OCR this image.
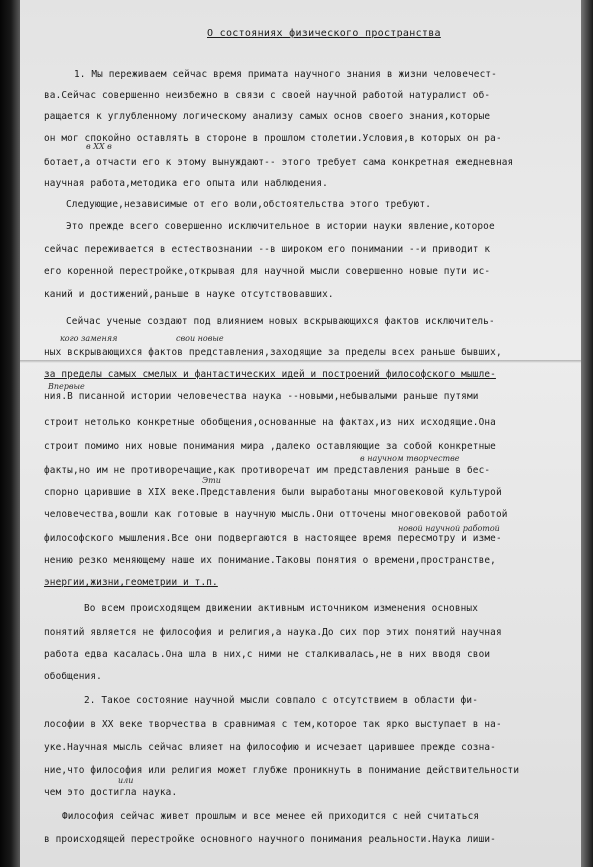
О состояниях физического пространства
1. Мы переживаем сейчас время примата научного знания в жизни человечест-
ва.Сейчас совершенно неизбежно в связи с своей научной работой натуралист об-
ращается к углубленному логическому анализу самых основ своего знания,которые
он мог спокойно оставлять в стороне в прошлом столетии.Условия,в которых он ра-
ботает,а отчасти его к этому вынуждают-- этого требует сама конкретная ежедневная
научная работа,методика его опыта или наблюдения.
Следующие,независимые от его воли,обстоятельства этого требуют.
Это прежде всего совершенно исключительное в истории науки явление,которое
сейчас переживается в естествознании --в широком его понимании --и приводит к
его коренной перестройке,открывая для научной мысли совершенно новые пути ис-
каний и достижений,раньше в науке отсутствовавших.
Сейчас ученые создают под влиянием новых вскрывающихся фактов исключитель-
ных вскрывающихся фактов представления,заходящие за пределы всех раньше бывших,
за пределы самых смелых и фантастических идей и построений философского мышле-
ния.В писанной истории человечества наука --новыми,небывалыми раньше путями
строит нетолько конкретные обобщения,основанные на фактах,из них исходящие.Она
строит помимо них новые понимания мира ,далеко оставляющие за собой конкретные
факты,но им не противоречащие,как противоречат им представления раньше в бес-
спорно царившие в XIX веке.Представления были выработаны многовековой культурой
человечества,вошли как готовые в научную мысль.Они отточены многовековой работой
философского мышления.Все они подвергаются в настоящее время пересмотру и изме-
нению резко меняющему наше их понимание.Таковы понятия о времени,пространстве,
энергии,жизни,геометрии и т.п.
Во всем происходящем движении активным источником изменения основных
понятий является не философия и религия,а наука.До сих пор этих понятий научная
работа едва касалась.Она шла в них,с ними не сталкивалась,не в них вводя свои
обобщения.
2. Такое состояние научной мысли совпало с отсутствием в области фи-
лософии в XX веке творчества в сравнимая с тем,которое так ярко выступает в на-
уке.Научная мысль сейчас влияет на философию и исчезает царившее прежде сознa-
ние,что философия или религия может глубже проникнуть в понимание действительности
чем это достигла наука.
Философия сейчас живет прошлым и все менее ей приходится с ней считаться
в происходящей перестройке основного научного понимания реальности.Наука лиши-
в XX в
кого заменяя	свои новые
Впервые
Эти
в научном творчестве
или
новой научной работой
